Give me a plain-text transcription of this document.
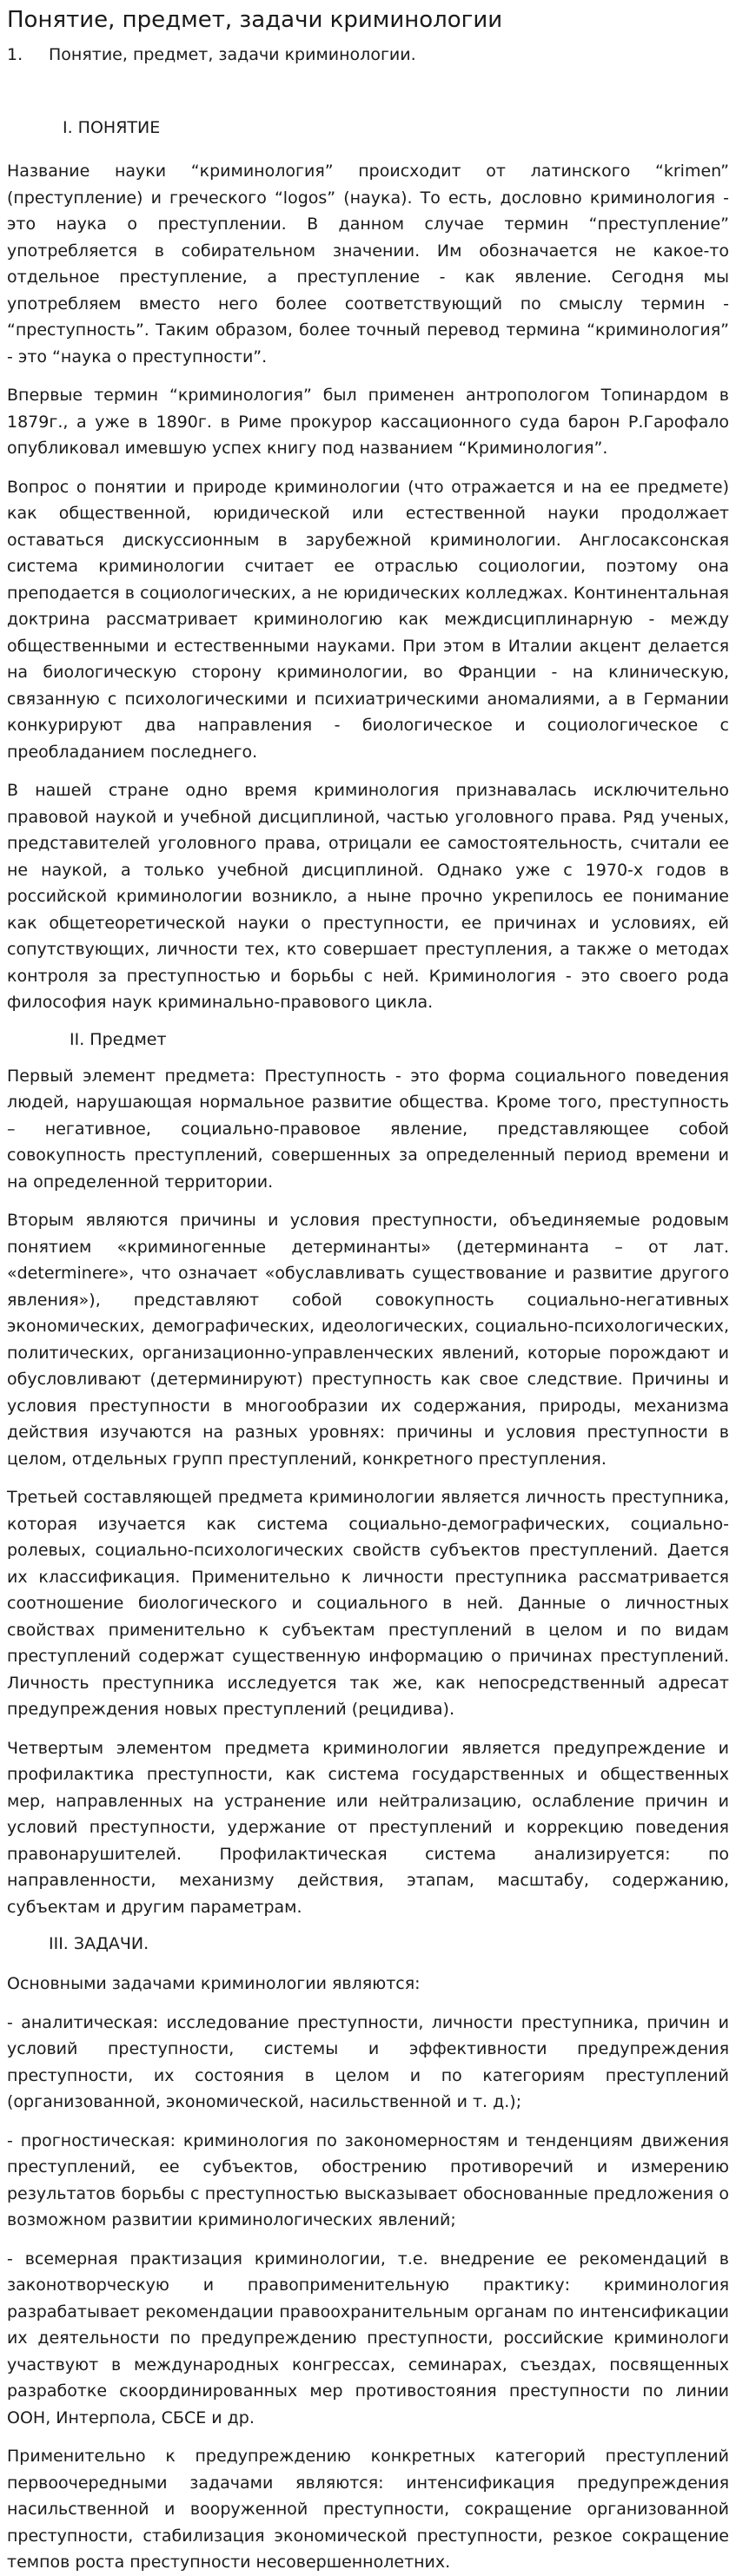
Понятие, предмет, задачи криминологии
1. Понятие, предмет, задачи криминологии.
I. ПОНЯТИЕ

Название науки “криминология” происходит от латинского “krimen” (преступление) и греческого “logos” (наука). То есть, дословно криминология - это наука о преступлении. В данном случае термин “преступление” употребляется в собирательном значении. Им обозначается не какое-то отдельное преступление, а преступление - как явление. Сегодня мы употребляем вместо него более соответствующий по смыслу термин - “преступность”. Таким образом, более точный перевод термина “криминология” - это “наука о преступности”.

Впервые термин “криминология” был применен антропологом Топинардом в 1879г., а уже в 1890г. в Риме прокурор кассационного суда барон Р.Гарофало опубликовал имевшую успех книгу под названием “Криминология”.

Вопрос о понятии и природе криминологии (что отражается и на ее предмете) как общественной, юридической или естественной науки продолжает оставаться дискуссионным в зарубежной криминологии. Англосаксонская система криминологии считает ее отраслью социологии, поэтому она преподается в социологических, а не юридических колледжах. Континентальная доктрина рассматривает криминологию как междисциплинарную - между общественными и естественными науками. При этом в Италии акцент делается на биологическую сторону криминологии, во Франции - на клиническую, связанную с психологическими и психиатрическими аномалиями, а в Германии конкурируют два направления - биологическое и социологическое с преобладанием последнего.

В нашей стране одно время криминология признавалась исключительно правовой наукой и учебной дисциплиной, частью уголовного права. Ряд ученых, представителей уголовного права, отрицали ее самостоятельность, считали ее не наукой, а только учебной дисциплиной. Однако уже с 1970-х годов в российской криминологии возникло, а ныне прочно укрепилось ее понимание как общетеоретической науки о преступности, ее причинах и условиях, ей сопутствующих, личности тех, кто совершает преступления, а также о методах контроля за преступностью и борьбы с ней. Криминология - это своего рода философия наук криминально-правового цикла.

II. Предмет

Первый элемент предмета: Преступность - это форма социального поведения людей, нарушающая нормальное развитие общества. Кроме того, преступность – негативное, социально-правовое явление, представляющее собой совокупность преступлений, совершенных за определенный период времени и на определенной территории.

Вторым являются причины и условия преступности, объединяемые родовым понятием «криминогенные детерминанты» (детерминанта – от лат. «determinere», что означает «обуславливать существование и развитие другого явления»), представляют собой совокупность социально-негативных экономических, демографических, идеологических, социально-психологических, политических, организационно-управленческих явлений, которые порождают и обусловливают (детерминируют) преступность как свое следствие. Причины и условия преступности в многообразии их содержания, природы, механизма действия изучаются на разных уровнях: причины и условия преступности в целом, отдельных групп преступлений, конкретного преступления.

Третьей составляющей предмета криминологии является личность преступника, которая изучается как система социально-демографических, социально-ролевых, социально-психологических свойств субъектов преступлений. Дается их классификация. Применительно к личности преступника рассматривается соотношение биологического и социального в ней. Данные о личностных свойствах применительно к субъектам преступлений в целом и по видам преступлений содержат существенную информацию о причинах преступлений. Личность преступника исследуется так же, как непосредственный адресат предупреждения новых преступлений (рецидива).

Четвертым элементом предмета криминологии является предупреждение и профилактика преступности, как система государственных и общественных мер, направленных на устранение или нейтрализацию, ослабление причин и условий преступности, удержание от преступлений и коррекцию поведения правонарушителей. Профилактическая система анализируется: по направленности, механизму действия, этапам, масштабу, содержанию, субъектам и другим параметрам.

III. ЗАДАЧИ.

Основными задачами криминологии являются:

- аналитическая: исследование преступности, личности преступника, причин и условий преступности, системы и эффективности предупреждения преступности, их состояния в целом и по категориям преступлений (организованной, экономической, насильственной и т. д.);

- прогностическая: криминология по закономерностям и тенденциям движения преступлений, ее субъектов, обострению противоречий и измерению результатов борьбы с преступностью высказывает обоснованные предложения о возможном развитии криминологических явлений;

- всемерная практизация криминологии, т.е. внедрение ее рекомендаций в законотворческую и правоприменительную практику: криминология разрабатывает рекомендации правоохранительным органам по интенсификации их деятельности по предупреждению преступности, российские криминологи участвуют в международных конгрессах, семинарах, съездах, посвященных разработке скоординированных мер противостояния преступности по линии ООН, Интерпола, СБСЕ и др.

Применительно к предупреждению конкретных категорий преступлений первоочередными задачами являются: интенсификация предупреждения насильственной и вооруженной преступности, сокращение организованной преступности, стабилизация экономической преступности, резкое сокращение темпов роста преступности несовершеннолетних.
